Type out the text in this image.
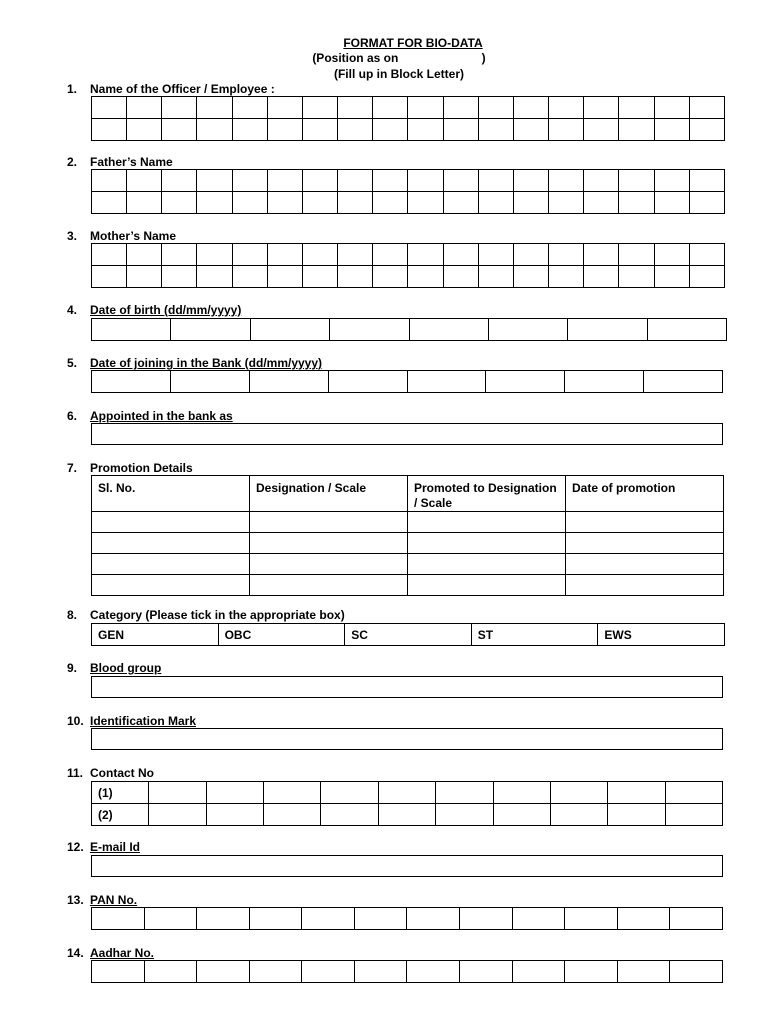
FORMAT FOR BIO-DATA
(Position as on                         )
(Fill up in Block Letter)
1. Name of the Officer / Employee :

2. Father’s Name

3. Mother’s Name

4. Date of birth (dd/mm/yyyy)

5. Date of joining in the Bank (dd/mm/yyyy)

6. Appointed in the bank as
7. Promotion Details
Sl. No.	Designation / Scale	Promoted to Designation / Scale	Date of promotion

8. Category (Please tick in the appropriate box)
GEN	OBC	SC	ST	EWS
9. Blood group
10. Identification Mark
11. Contact No
(1)										
(2)										
12. E-mail Id
13. PAN No.

14. Aadhar No.
